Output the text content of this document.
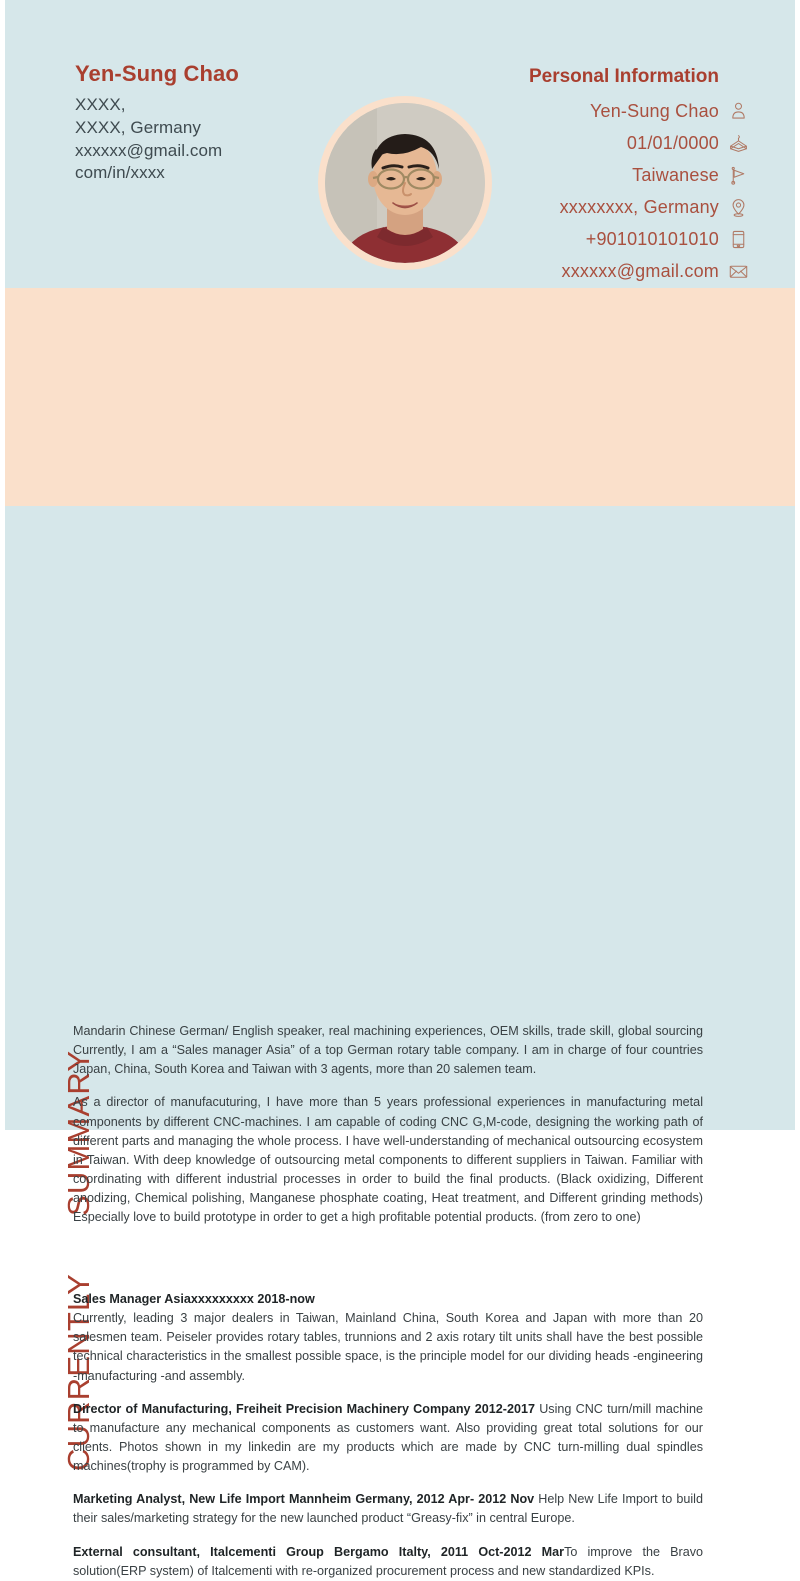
Yen-Sung Chao
XXXX,
XXXX, Germany
xxxxxx@gmail.com
com/in/xxxx
Personal Information
Yen-Sung Chao
01/01/0000
Taiwanese
xxxxxxxx, Germany
+901010101010
xxxxxx@gmail.com
SUMMARY
CURRENTLY

Mandarin Chinese German/ English speaker, real machining experiences, OEM skills, trade skill, global sourcing Currently, I am a “Sales manager Asia” of a top German rotary table company. I am in charge of four countries Japan, China, South Korea and Taiwan with 3 agents, more than 20 salemen team.

As a director of manufacuturing, I have more than 5 years professional experiences in manufacturing metal components by different CNC-machines. I am capable of coding CNC G,M-code, designing the working path of different parts and managing the whole process. I have well-understanding of mechanical outsourcing ecosystem in Taiwan. With deep knowledge of outsourcing metal components to different suppliers in Taiwan. Familiar with coordinating with different industrial processes in order to build the final products. (Black oxidizing, Different anodizing, Chemical polishing, Manganese phosphate coating, Heat treatment, and Different grinding methods) Especially love to build prototype in order to get a high profitable potential products. (from zero to one)

Sales Manager Asiaxxxxxxxxx 2018-now
Currently, leading 3 major dealers in Taiwan, Mainland China, South Korea and Japan with more than 20 salesmen team. Peiseler provides rotary tables, trunnions and 2 axis rotary tilt units shall have the best possible technical characteristics in the smallest possible space, is the principle model for our dividing heads -engineering -manufacturing -and assembly.

Director of Manufacturing, Freiheit Precision Machinery Company 2012-2017 Using CNC turn/mill machine to manufacture any mechanical components as customers want. Also providing great total solutions for our clients. Photos shown in my linkedin are my products which are made by CNC turn-milling dual spindles machines(trophy is programmed by CAM).

Marketing Analyst, New Life Import Mannheim Germany, 2012 Apr- 2012 Nov Help New Life Import to build their sales/marketing strategy for the new launched product “Greasy-fix” in central Europe.

External consultant, Italcementi Group Bergamo Italty, 2011 Oct-2012 MarTo improve the Bravo solution(ERP system) of Italcementi with re-organized procurement process and new standardized KPIs.
